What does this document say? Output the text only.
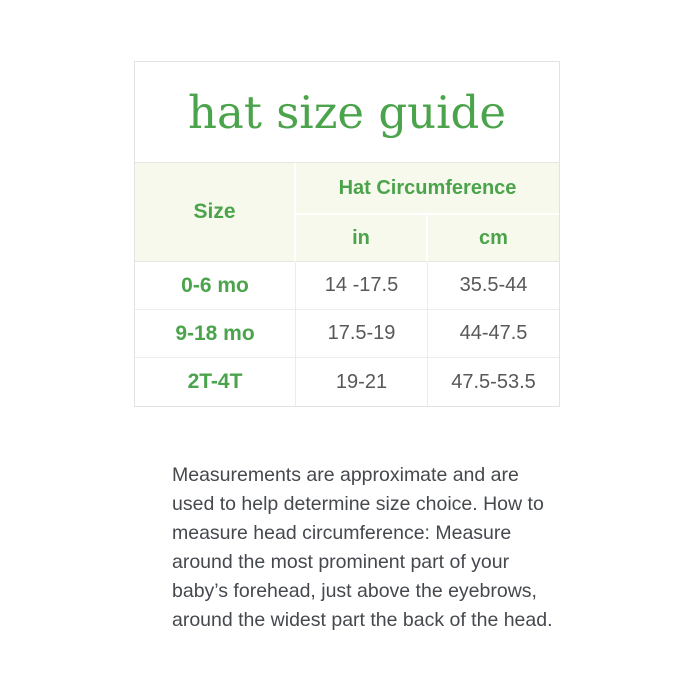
hat size guide
Size	Hat Circumference	
	in	cm
0-6 mo	14 -17.5	35.5-44
9-18 mo	17.5-19	44-47.5
2T-4T	19-21	47.5-53.5
Measurements are approximate and are used to help determine size choice. How to measure head circumference: Measure around the most prominent part of your baby’s forehead, just above the eyebrows, around the widest part the back of the head.
